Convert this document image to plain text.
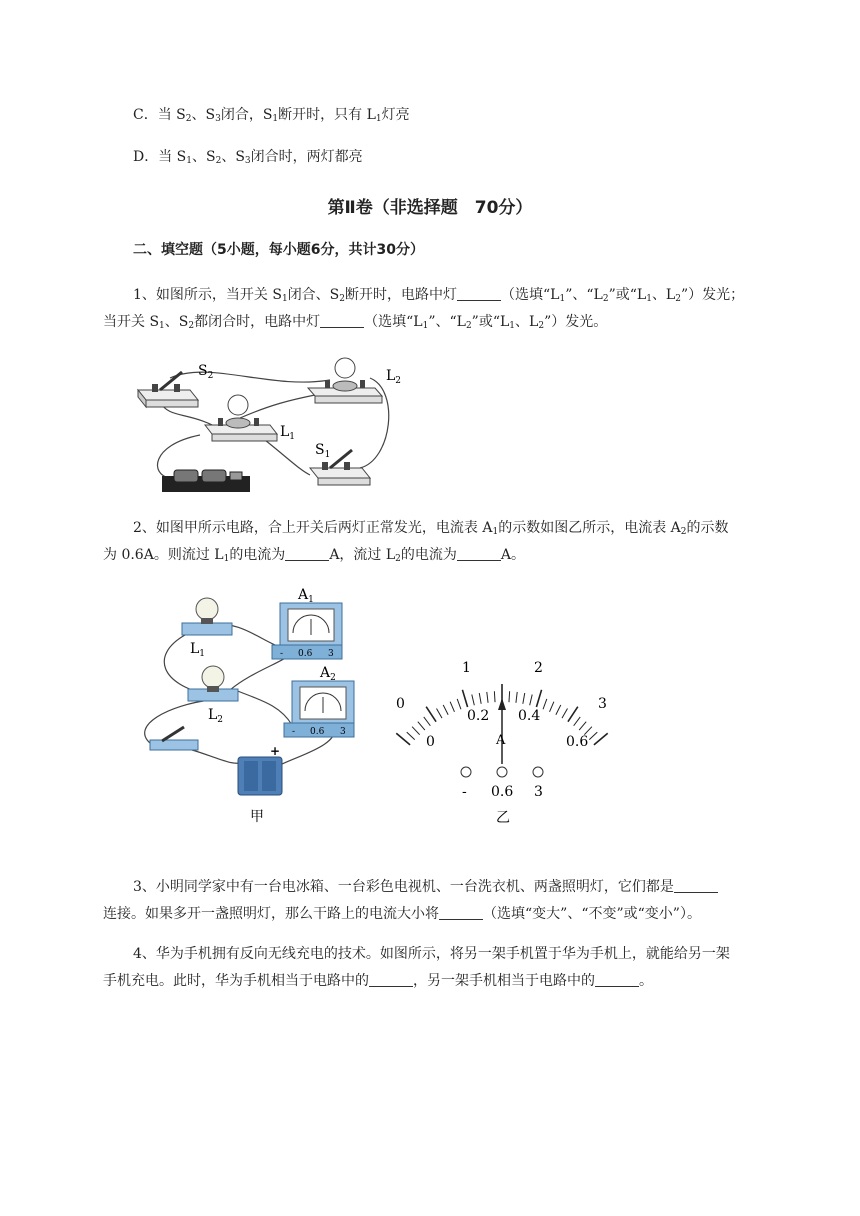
C．当 $S_2$、$S_3$闭合，$S_1$断开时，只有 $L_1$灯亮
D．当 $S_1$、$S_2$、$S_3$闭合时，两灯都亮
第Ⅱ卷（非选择题　70分）
二、填空题（5小题，每小题6分，共计30分）
1、如图所示，当开关 $S_1$闭合、$S_2$断开时，电路中灯	（选填“$L_1$”、“$L_2$”或“$L_1$、$L_2$”）发光；
当开关 $S_1$、$S_2$都闭合时，电路中灯	（选填“$L_1$”、“$L_2$”或“$L_1$、$L_2$”）发光。
$S_2$	$L_2$
$L_1$
$S_1$
2、如图甲所示电路，合上开关后两灯正常发光，电流表 $A_1$的示数如图乙所示，电流表 $A_2$的示数
为 0.6A。则流过 $L_1$的电流为	A，流过 $L_2$的电流为	A。
- 0.6 3
- 0.6 3
+
$A_1$
$A_2$
$L_1$
$L_2$
甲
0
1	2
3
0
0.2 0.4
0.6
A
- 0.6 3
乙
3、小明同学家中有一台电冰箱、一台彩色电视机、一台洗衣机、两盏照明灯，它们都是
连接。如果多开一盏照明灯，那么干路上的电流大小将	（选填“变大”、“不变”或“变小”）。
4、华为手机拥有反向无线充电的技术。如图所示，将另一架手机置于华为手机上，就能给另一架
手机充电。此时，华为手机相当于电路中的	，另一架手机相当于电路中的	。
